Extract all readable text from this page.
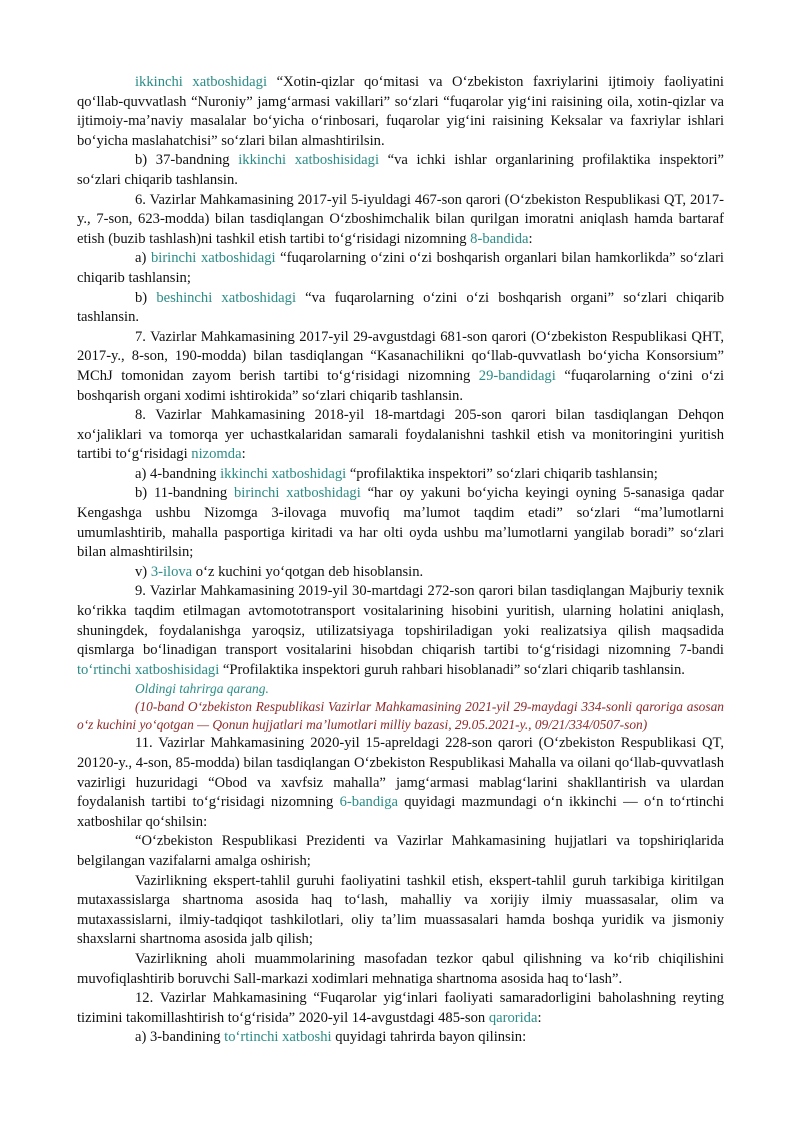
ikkinchi xatboshidagi “Xotin-qizlar qoʻmitasi va Oʻzbekiston faxriylarini ijtimoiy faoliyatini qoʻllab-quvvatlash “Nuroniy” jamgʻarmasi vakillari” soʻzlari “fuqarolar yigʻini raisining oila, xotin-qizlar va ijtimoiy-maʼnaviy masalalar boʻyicha oʻrinbosari, fuqarolar yigʻini raisining Keksalar va faxriylar ishlari boʻyicha maslahatchisi” soʻzlari bilan almashtirilsin.

b) 37-bandning ikkinchi xatboshisidagi “va ichki ishlar organlarining profilaktika inspektori” soʻzlari chiqarib tashlansin.

6. Vazirlar Mahkamasining 2017-yil 5-iyuldagi 467-son qarori (Oʻzbekiston Respublikasi QT, 2017-y., 7-son, 623-modda) bilan tasdiqlangan Oʻzboshimchalik bilan qurilgan imoratni aniqlash hamda bartaraf etish (buzib tashlash)ni tashkil etish tartibi toʻgʻrisidagi nizomning 8-bandida:

a) birinchi xatboshidagi “fuqarolarning oʻzini oʻzi boshqarish organlari bilan hamkorlikda” soʻzlari chiqarib tashlansin;

b) beshinchi xatboshidagi “va fuqarolarning oʻzini oʻzi boshqarish organi” soʻzlari chiqarib tashlansin.

7. Vazirlar Mahkamasining 2017-yil 29-avgustdagi 681-son qarori (Oʻzbekiston Respublikasi QHT, 2017-y., 8-son, 190-modda) bilan tasdiqlangan “Kasanachilikni qoʻllab-quvvatlash boʻyicha Konsorsium” MChJ tomonidan zayom berish tartibi toʻgʻrisidagi nizomning 29-bandidagi “fuqarolarning oʻzini oʻzi boshqarish organi xodimi ishtirokida” soʻzlari chiqarib tashlansin.

8. Vazirlar Mahkamasining 2018-yil 18-martdagi 205-son qarori bilan tasdiqlangan Dehqon xoʻjaliklari va tomorqa yer uchastkalaridan samarali foydalanishni tashkil etish va monitoringini yuritish tartibi toʻgʻrisidagi nizomda:

a) 4-bandning ikkinchi xatboshidagi “profilaktika inspektori” soʻzlari chiqarib tashlansin;

b) 11-bandning birinchi xatboshidagi “har oy yakuni boʻyicha keyingi oyning 5-sanasiga qadar Kengashga ushbu Nizomga 3-ilovaga muvofiq maʼlumot taqdim etadi” soʻzlari “maʼlumotlarni umumlashtirib, mahalla pasportiga kiritadi va har olti oyda ushbu maʼlumotlarni yangilab boradi” soʻzlari bilan almashtirilsin;

v) 3-ilova oʻz kuchini yoʻqotgan deb hisoblansin.

9. Vazirlar Mahkamasining 2019-yil 30-martdagi 272-son qarori bilan tasdiqlangan Majburiy texnik koʻrikka taqdim etilmagan avtomototransport vositalarining hisobini yuritish, ularning holatini aniqlash, shuningdek, foydalanishga yaroqsiz, utilizatsiyaga topshiriladigan yoki realizatsiya qilish maqsadida qismlarga boʻlinadigan transport vositalarini hisobdan chiqarish tartibi toʻgʻrisidagi nizomning 7-bandi toʻrtinchi xatboshisidagi “Profilaktika inspektori guruh rahbari hisoblanadi” soʻzlari chiqarib tashlansin.

Oldingi tahrirga qarang.

(10-band Oʻzbekiston Respublikasi Vazirlar Mahkamasining 2021-yil 29-maydagi 334-sonli qaroriga asosan oʻz kuchini yoʻqotgan — Qonun hujjatlari maʼlumotlari milliy bazasi, 29.05.2021-y., 09/21/334/0507-son)

11. Vazirlar Mahkamasining 2020-yil 15-apreldagi 228-son qarori (Oʻzbekiston Respublikasi QT, 20120-y., 4-son, 85-modda) bilan tasdiqlangan Oʻzbekiston Respublikasi Mahalla va oilani qoʻllab-quvvatlash vazirligi huzuridagi “Obod va xavfsiz mahalla” jamgʻarmasi mablagʻlarini shakllantirish va ulardan foydalanish tartibi toʻgʻrisidagi nizomning 6-bandiga quyidagi mazmundagi oʻn ikkinchi — oʻn toʻrtinchi xatboshilar qoʻshilsin:

“Oʻzbekiston Respublikasi Prezidenti va Vazirlar Mahkamasining hujjatlari va topshiriqlarida belgilangan vazifalarni amalga oshirish;

Vazirlikning ekspert-tahlil guruhi faoliyatini tashkil etish, ekspert-tahlil guruh tarkibiga kiritilgan mutaxassislarga shartnoma asosida haq toʻlash, mahalliy va xorijiy ilmiy muassasalar, olim va mutaxassislarni, ilmiy-tadqiqot tashkilotlari, oliy taʼlim muassasalari hamda boshqa yuridik va jismoniy shaxslarni shartnoma asosida jalb qilish;

Vazirlikning aholi muammolarining masofadan tezkor qabul qilishning va koʻrib chiqilishini muvofiqlashtirib boruvchi Sall-markazi xodimlari mehnatiga shartnoma asosida haq toʻlash”.

12. Vazirlar Mahkamasining “Fuqarolar yigʻinlari faoliyati samaradorligini baholashning reyting tizimini takomillashtirish toʻgʻrisida” 2020-yil 14-avgustdagi 485-son qarorida:

a) 3-bandining toʻrtinchi xatboshi quyidagi tahrirda bayon qilinsin:
